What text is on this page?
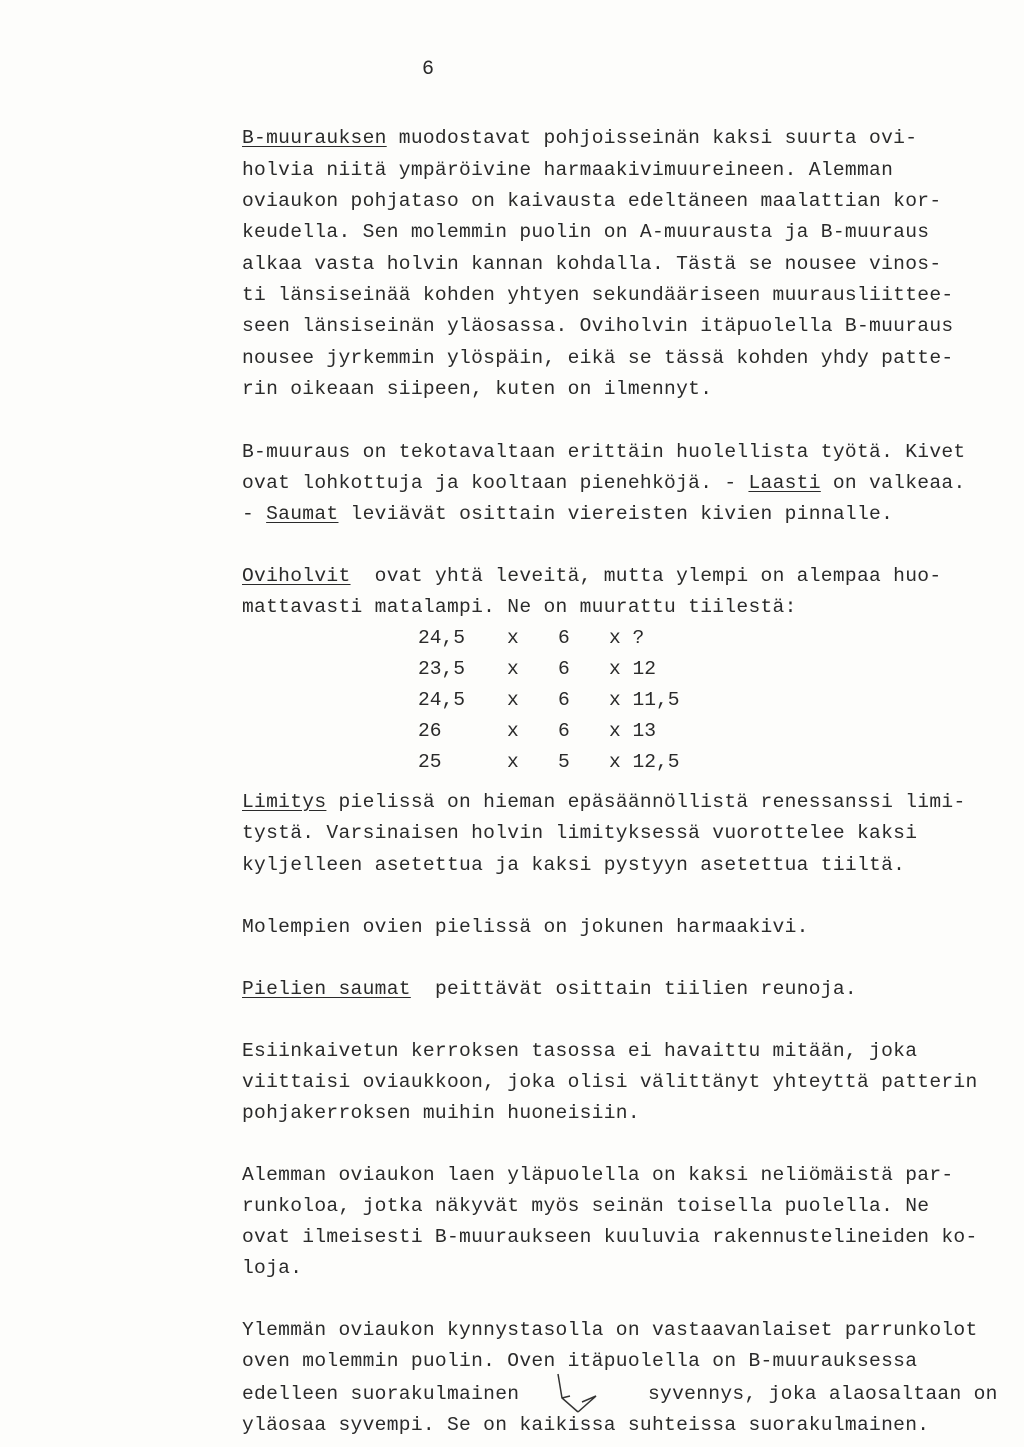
6
B-muurauksen muodostavat pohjoisseinän kaksi suurta ovi-
holvia niitä ympäröivine harmaakivimuureineen. Alemman
oviaukon pohjataso on kaivausta edeltäneen maalattian kor-
keudella. Sen molemmin puolin on A-muurausta ja B-muuraus
alkaa vasta holvin kannan kohdalla. Tästä se nousee vinos-
ti länsiseinää kohden yhtyen sekundääriseen muurausliittee-
seen länsiseinän yläosassa. Oviholvin itäpuolella B-muuraus
nousee jyrkemmin ylöspäin, eikä se tässä kohden yhdy patte-
rin oikeaan siipeen, kuten on ilmennyt.
B-muuraus on tekotavaltaan erittäin huolellista työtä. Kivet
ovat lohkottuja ja kooltaan pienehköjä. - Laasti on valkeaa.
- Saumat leviävät osittain viereisten kivien pinnalle.
Oviholvit  ovat yhtä leveitä, mutta ylempi on alempaa huo-
mattavasti matalampi. Ne on muurattu tiilestä:
24,5 x 6 x ?
23,5 x 6 x 12
24,5 x 6 x 11,5
26	x 6 x 13
25	x 5 x 12,5
Limitys pielissä on hieman epäsäännöllistä renessanssi limi-
tystä. Varsinaisen holvin limityksessä vuorottelee kaksi
kyljelleen asetettua ja kaksi pystyyn asetettua tiiltä.
Molempien ovien pielissä on jokunen harmaakivi.
Pielien saumat  peittävät osittain tiilien reunoja.
Esiinkaivetun kerroksen tasossa ei havaittu mitään, joka
viittaisi oviaukkoon, joka olisi välittänyt yhteyttä patterin
pohjakerroksen muihin huoneisiin.
Alemman oviaukon laen yläpuolella on kaksi neliömäistä par-
runkoloa, jotka näkyvät myös seinän toisella puolella. Ne
ovat ilmeisesti B-muuraukseen kuuluvia rakennustelineiden ko-
loja.
Ylemmän oviaukon kynnystasolla on vastaavanlaiset parrunkolot
oven molemmin puolin. Oven itäpuolella on B-muurauksessa
edelleen suorakulmainen	syvennys, joka alaosaltaan on
yläosaa syvempi. Se on kaikissa suhteissa suorakulmainen.
